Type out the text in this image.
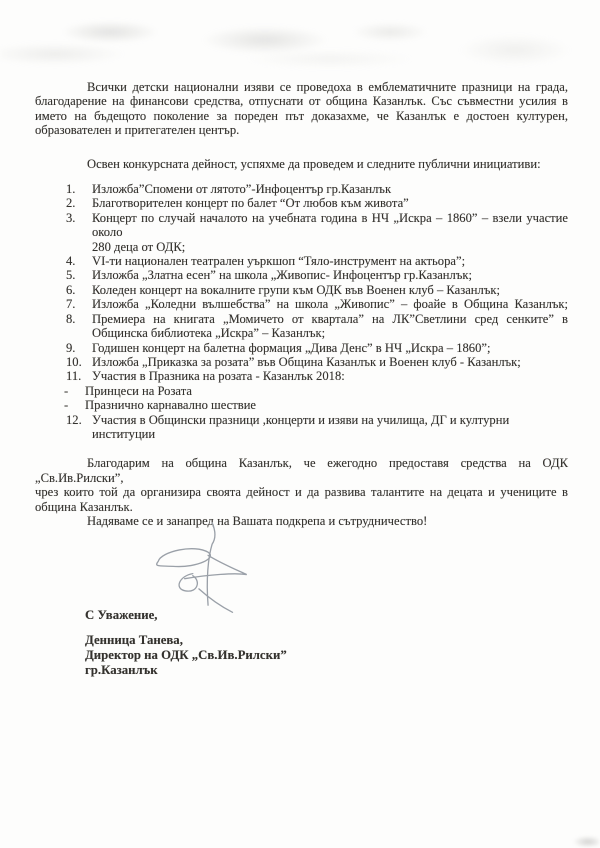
Всички детски национални изяви се проведоха в емблематичните празници на града,
благодарение на финансови средства, отпуснати от община Казанлък. Със съвместни усилия в
името на бъдещото поколение за пореден път доказахме, че Казанлък е достоен културен,
образователен и притегателен център.
Освен конкурсната дейност, успяхме да проведем и следните публични инициативи:
1. Изложба”Спомени от лятото”-Инфоцентър гр.Казанлък
2. Благотворителен концерт по балет “От любов към живота”
3. Концерт по случай началото на учебната година в НЧ „Искра – 1860” – взели участие около
280 деца от ОДК;
4. VI-ти национален театрален уъркшоп “Тяло-инструмент на актьора”;
5. Изложба „Златна есен” на школа „Живопис- Инфоцентър гр.Казанлък;
6. Коледен концерт на вокалните групи към ОДК във Военен клуб – Казанлък;
7. Изложба „Коледни вълшебства” на школа „Живопис” – фоайе в Община Казанлък;
8. Премиера на книгата „Момичето от квартала” на ЛК”Светлини сред сенките” в
Общинска библиотека „Искра” – Казанлък;
9. Годишен концерт на балетна формация „Дива Денс” в НЧ „Искра – 1860”;
10. Изложба „Приказка за розата” във Община Казанлък и Военен клуб - Казанлък;
11. Участия в Празника на розата - Казанлък 2018:
- Принцеси на Розата
- Празнично карнавално шествие
12. Участия в Общински празници ,концерти и изяви на училища, ДГ и културни институции
Благодарим на община Казанлък, че ежегодно предоставя средства на ОДК „Св.Ив.Рилски”,
чрез които той да организира своята дейност и да развива талантите на децата и учениците в
община Казанлък.
Надяваме се и занапред на Вашата подкрепа и сътрудничество!
С Уважение,
Денница Танева,
Директор на ОДК „Св.Ив.Рилски”
гр.Казанлък
